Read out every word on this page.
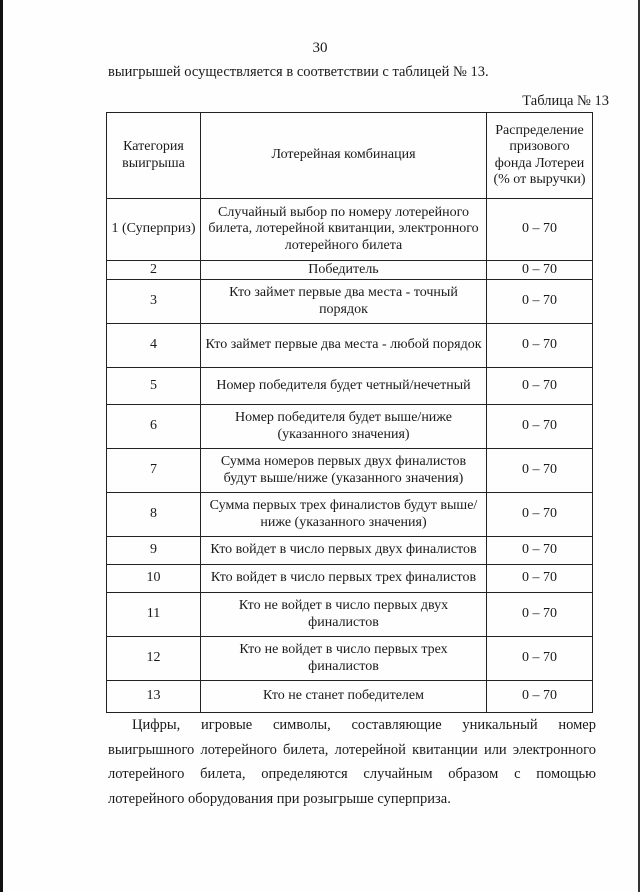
30
выигрышей осуществляется в соответствии с таблицей № 13.
Таблица № 13
Категория выигрыша	Лотерейная комбинация	Распределение призового фонда Лотереи (% от выручки)

1 (Суперприз)	Случайный выбор по номеру лотерейного билета, лотерейной квитанции, электронного лотерейного билета	0 – 70
2	Победитель	0 – 70
3	Кто займет первые два места - точный порядок	0 – 70
4	Кто займет первые два места - любой порядок	0 – 70
5	Номер победителя будет четный/нечетный	0 – 70
6	Номер победителя будет выше/ниже (указанного значения)	0 – 70
7	Сумма номеров первых двух финалистов будут выше/ниже (указанного значения)	0 – 70
8	Сумма первых трех финалистов будут выше/ниже (указанного значения)	0 – 70
9	Кто войдет в число первых двух финалистов	0 – 70
10	Кто войдет в число первых трех финалистов	0 – 70
11	Кто не войдет в число первых двух финалистов	0 – 70
12	Кто не войдет в число первых трех финалистов	0 – 70
13	Кто не станет победителем	0 – 70
Цифры, игровые символы, составляющие уникальный номер выигрышного лотерейного билета, лотерейной квитанции или электронного лотерейного билета, определяются случайным образом с помощью лотерейного оборудования при розыгрыше суперприза.
